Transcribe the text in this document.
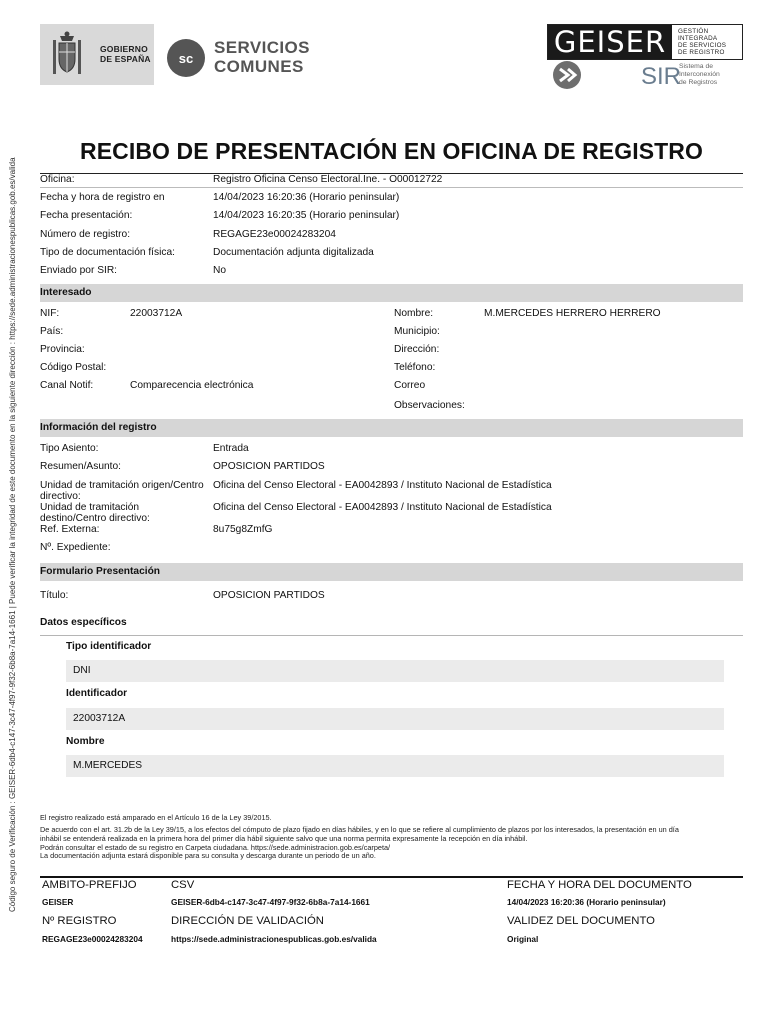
GOBIERNO
DE ESPAÑA sc
SERVICIOS
COMUNES
GEISER	GESTIÓN
INTEGRADA
DE SERVICIOS
DE REGISTRO
SIR
Sistema de
Interconexión
de Registros
Código seguro de Verificación : GEISER-6db4-c147-3c47-4f97-9f32-6b8a-7a14-1661 | Puede verificar la integridad de este documento en la siguiente dirección : https://sede.administracionespublicas.gob.es/valida
RECIBO DE PRESENTACIÓN EN OFICINA DE REGISTRO
Oficina:	Registro Oficina Censo Electoral.Ine. - O00012722
Fecha y hora de registro en	14/04/2023 16:20:36 (Horario peninsular)
Fecha presentación:	14/04/2023 16:20:35 (Horario peninsular)
Número de registro:	REGAGE23e00024283204
Tipo de documentación física:	Documentación adjunta digitalizada
Enviado por SIR:	No
Interesado
NIF:	22003712A
País:
Provincia:
Código Postal:
Canal Notif:	Comparecencia electrónica
Nombre:	M.MERCEDES HERRERO HERRERO
Municipio:
Dirección:
Teléfono:
Correo
Observaciones:
Información del registro
Tipo Asiento:	Entrada
Resumen/Asunto:	OPOSICION PARTIDOS
Unidad de tramitación origen/Centro
directivo:
Oficina del Censo Electoral - EA0042893 / Instituto Nacional de Estadística
Unidad de tramitación
destino/Centro directivo:
Oficina del Censo Electoral - EA0042893 / Instituto Nacional de Estadística
Ref. Externa:	8u75g8ZmfG
Nº. Expediente:
Formulario Presentación
Título:	OPOSICION PARTIDOS
Datos específicos
Tipo identificador
DNI
Identificador
22003712A
Nombre
M.MERCEDES
El registro realizado está amparado en el Artículo 16 de la Ley 39/2015.
De acuerdo con el art. 31.2b de la Ley 39/15, a los efectos del cómputo de plazo fijado en días hábiles, y en lo que se refiere al cumplimiento de plazos por los interesados, la presentación en un día
inhábil se entenderá realizada en la primera hora del primer día hábil siguiente salvo que una norma permita expresamente la recepción en día inhábil.
Podrán consultar el estado de su registro en Carpeta ciudadana. https://sede.administracion.gob.es/carpeta/
La documentación adjunta estará disponible para su consulta y descarga durante un periodo de un año.
AMBITO-PREFIJO	CSV	FECHA Y HORA DEL DOCUMENTO
GEISER	GEISER-6db4-c147-3c47-4f97-9f32-6b8a-7a14-1661	14/04/2023 16:20:36 (Horario peninsular)
Nº REGISTRO	DIRECCIÓN DE VALIDACIÓN	VALIDEZ DEL DOCUMENTO
REGAGE23e00024283204	https://sede.administracionespublicas.gob.es/valida	Original
